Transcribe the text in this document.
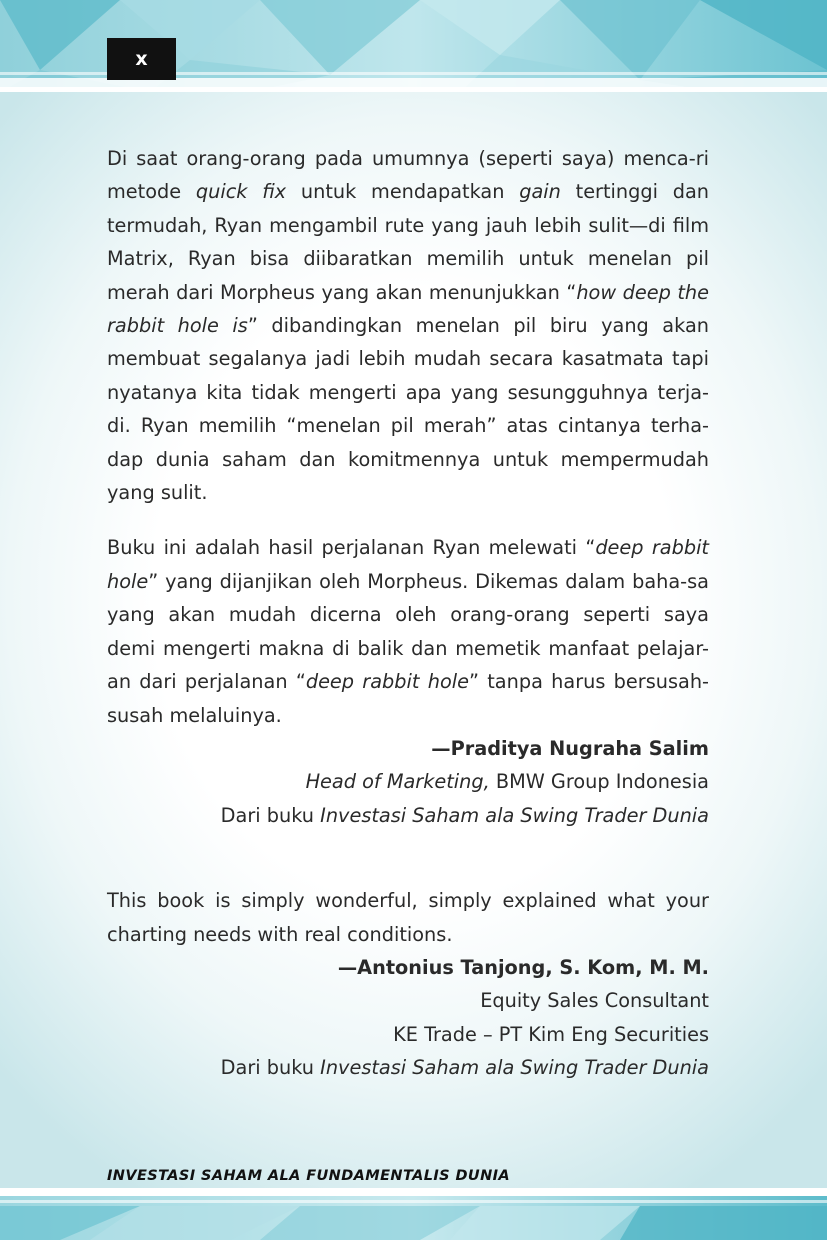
x

Di saat orang-orang pada umumnya (seperti saya) menca-ri metode quick fix untuk mendapatkan gain tertinggi dan termudah, Ryan mengambil rute yang jauh lebih sulit—di film Matrix, Ryan bisa diibaratkan memilih untuk menelan pil merah dari Morpheus yang akan menunjukkan “how deep the rabbit hole is” dibandingkan menelan pil biru yang akan membuat segalanya jadi lebih mudah secara kasatmata tapi nyatanya kita tidak mengerti apa yang sesungguhnya terja-di. Ryan memilih “menelan pil merah” atas cintanya terha-dap dunia saham dan komitmennya untuk mempermudah yang sulit.

Buku ini adalah hasil perjalanan Ryan melewati “deep rabbit hole” yang dijanjikan oleh Morpheus. Dikemas dalam baha-sa yang akan mudah dicerna oleh orang-orang seperti saya demi mengerti makna di balik dan memetik manfaat pelajar-an dari perjalanan “deep rabbit hole” tanpa harus bersusah-susah melaluinya.

—Praditya Nugraha Salim
Head of Marketing, BMW Group Indonesia
Dari buku Investasi Saham ala Swing Trader Dunia

This book is simply wonderful, simply explained what your charting needs with real conditions.

—Antonius Tanjong, S. Kom, M. M.
Equity Sales Consultant
KE Trade – PT Kim Eng Securities
Dari buku Investasi Saham ala Swing Trader Dunia
INVESTASI SAHAM ALA FUNDAMENTALIS DUNIA
